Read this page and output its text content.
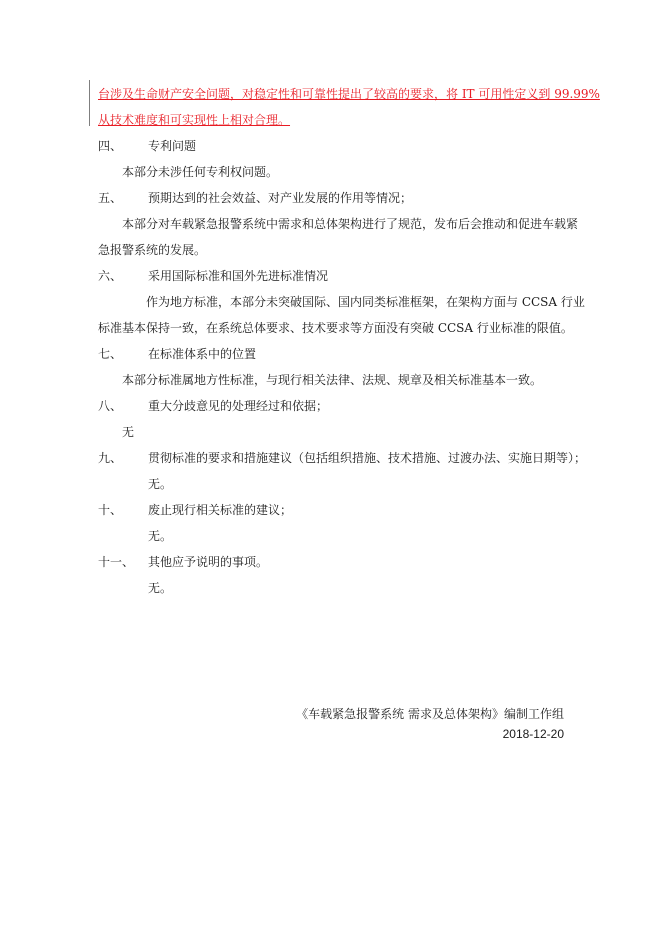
台涉及生命财产安全问题，对稳定性和可靠性提出了较高的要求，将 IT 可用性定义到 99.99%
从技术难度和可实现性上相对合理。
四、 专利问题
本部分未涉任何专利权问题。
五、 预期达到的社会效益、对产业发展的作用等情况；
本部分对车载紧急报警系统中需求和总体架构进行了规范，发布后会推动和促进车载紧
急报警系统的发展。
六、 采用国际标准和国外先进标准情况
作为地方标准，本部分未突破国际、国内同类标准框架，在架构方面与 CCSA 行业
标准基本保持一致，在系统总体要求、技术要求等方面没有突破 CCSA 行业标准的限值。
七、 在标准体系中的位置
本部分标准属地方性标准，与现行相关法律、法规、规章及相关标准基本一致。
八、 重大分歧意见的处理经过和依据；
无
九、 贯彻标准的要求和措施建议（包括组织措施、技术措施、过渡办法、实施日期等）；
无。
十、 废止现行相关标准的建议；
无。
十一、 其他应予说明的事项。
无。
《车载紧急报警系统 需求及总体架构》编制工作组
2018-12-20
